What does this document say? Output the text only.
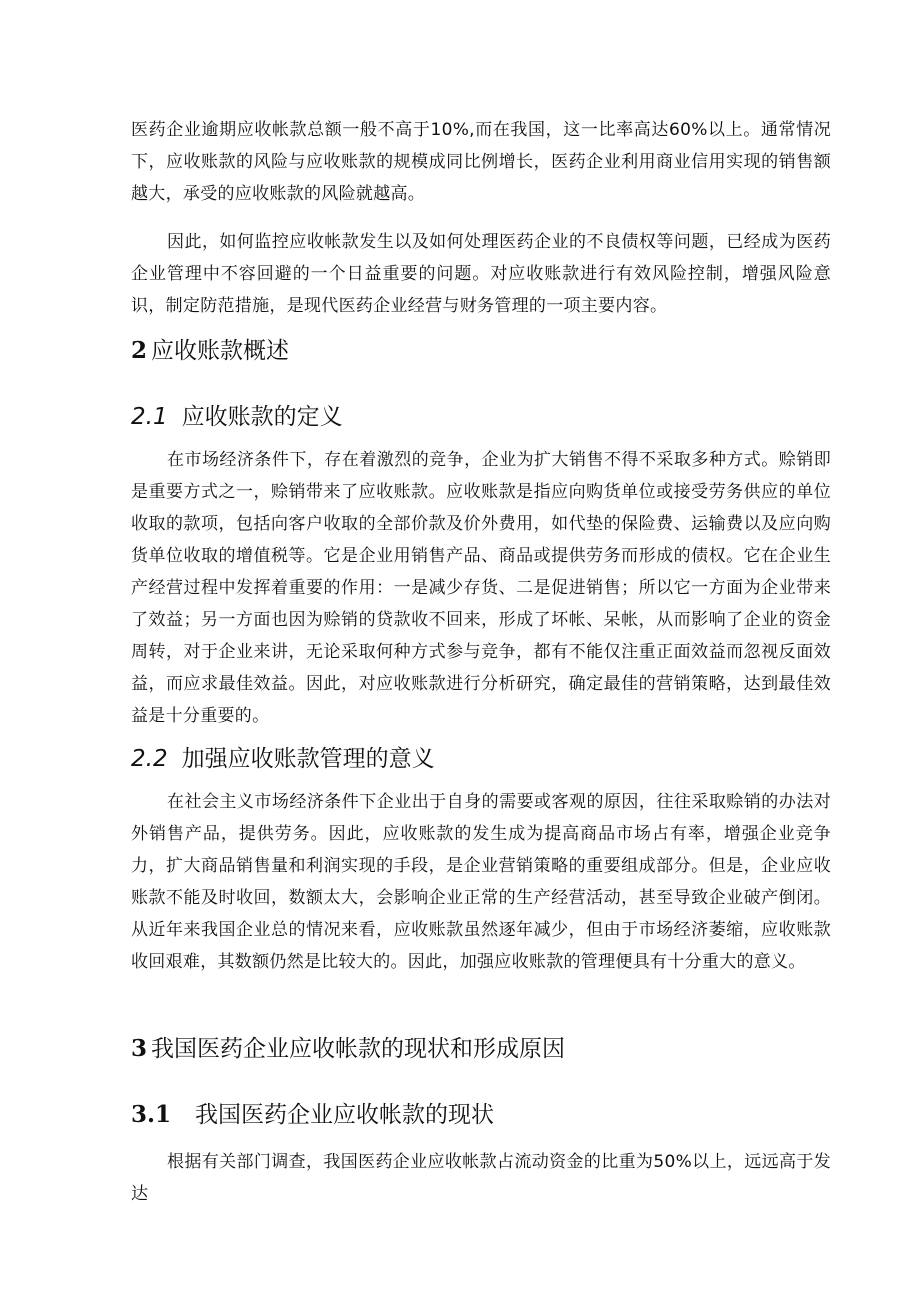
医药企业逾期应收帐款总额一般不高于10%,而在我国，这一比率高达60%以上。通常情况下，应收账款的风险与应收账款的规模成同比例增长，医药企业利用商业信用实现的销售额越大，承受的应收账款的风险就越高。

因此，如何监控应收帐款发生以及如何处理医药企业的不良债权等问题，已经成为医药企业管理中不容回避的一个日益重要的问题。对应收账款进行有效风险控制，增强风险意识，制定防范措施，是现代医药企业经营与财务管理的一项主要内容。

2 应收账款概述
2.1 应收账款的定义

在市场经济条件下，存在着激烈的竞争，企业为扩大销售不得不采取多种方式。赊销即是重要方式之一，赊销带来了应收账款。应收账款是指应向购货单位或接受劳务供应的单位收取的款项，包括向客户收取的全部价款及价外费用，如代垫的保险费、运输费以及应向购货单位收取的增值税等。它是企业用销售产品、商品或提供劳务而形成的债权。它在企业生产经营过程中发挥着重要的作用：一是减少存货、二是促进销售；所以它一方面为企业带来了效益；另一方面也因为赊销的贷款收不回来，形成了坏帐、呆帐，从而影响了企业的资金周转，对于企业来讲，无论采取何种方式参与竞争，都有不能仅注重正面效益而忽视反面效益，而应求最佳效益。因此，对应收账款进行分析研究，确定最佳的营销策略，达到最佳效益是十分重要的。

2.2 加强应收账款管理的意义

在社会主义市场经济条件下企业出于自身的需要或客观的原因，往往采取赊销的办法对外销售产品，提供劳务。因此，应收账款的发生成为提高商品市场占有率，增强企业竞争力，扩大商品销售量和利润实现的手段，是企业营销策略的重要组成部分。但是，企业应收账款不能及时收回，数额太大，会影响企业正常的生产经营活动，甚至导致企业破产倒闭。从近年来我国企业总的情况来看，应收账款虽然逐年减少，但由于市场经济萎缩，应收账款收回艰难，其数额仍然是比较大的。因此，加强应收账款的管理便具有十分重大的意义。

3 我国医药企业应收帐款的现状和形成原因
3.1 我国医药企业应收帐款的现状

根据有关部门调查，我国医药企业应收帐款占流动资金的比重为50%以上，远远高于发达
